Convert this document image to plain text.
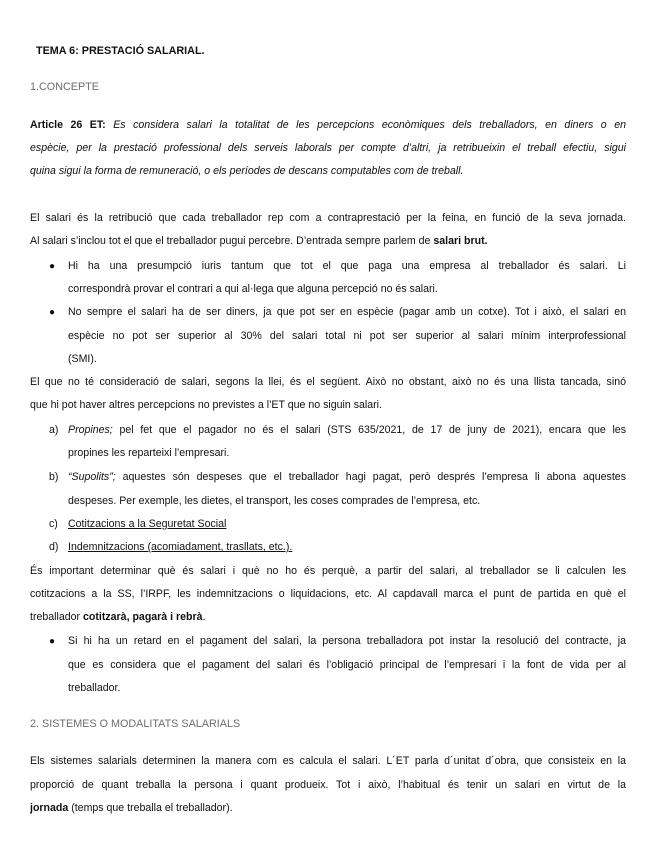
TEMA 6: PRESTACIÓ SALARIAL.
1.CONCEPTE
Article 26 ET: Es considera salari la totalitat de les percepcions econòmiques dels treballadors, en diners o en
espècie, per la prestació professional dels serveis laborals per compte d’altri, ja retribueixin el treball efectiu, sigui
quina sigui la forma de remuneració, o els períodes de descans computables com de treball.
El salari és la retribució que cada treballador rep com a contraprestació per la feina, en funció de la seva jornada.
Al salari s’inclou tot el que el treballador pugui percebre. D’entrada sempre parlem de salari brut.
●	Hi ha una presumpció iuris tantum que tot el que paga una empresa al treballador és salari. Li
correspondrà provar el contrari a qui al·lega que alguna percepció no és salari.
●	No sempre el salari ha de ser diners, ja que pot ser en espècie (pagar amb un cotxe). Tot i això, el salari en
espècie no pot ser superior al 30% del salari total ni pot ser superior al salari mínim interprofessional
(SMI).
El que no té consideració de salari, segons la llei, és el següent. Això no obstant, això no és una llista tancada, sinó
que hi pot haver altres percepcions no previstes a l’ET que no siguin salari.
a) Propines; pel fet que el pagador no és el salari (STS 635/2021, de 17 de juny de 2021), encara que les
propines les reparteixi l’empresari.
b) “Supolits”; aquestes són despeses que el treballador hagi pagat, però després l’empresa li abona aquestes
despeses. Per exemple, les dietes, el transport, les coses comprades de l’empresa, etc.
c) Cotitzacions a la Seguretat Social
d) Indemnitzacions (acomiadament, trasllats, etc.).
És important determinar què és salari i què no ho és perquè, a partir del salari, al treballador se li calculen les
cotitzacions a la SS, l’IRPF, les indemnitzacions o liquidacions, etc. Al capdavall marca el punt de partida en què el
treballador cotitzarà, pagarà i rebrà.
●	Si hi ha un retard en el pagament del salari, la persona treballadora pot instar la resolució del contracte, ja
que es considera que el pagament del salari és l’obligació principal de l’empresari i la font de vida per al
treballador.
2. SISTEMES O MODALITATS SALARIALS
Els sistemes salarials determinen la manera com es calcula el salari. L´ET parla d´unitat d´obra, que consisteix en la
proporció de quant treballa la persona i quant produeix. Tot i això, l’habitual és tenir un salari en virtut de la
jornada (temps que treballa el treballador).
